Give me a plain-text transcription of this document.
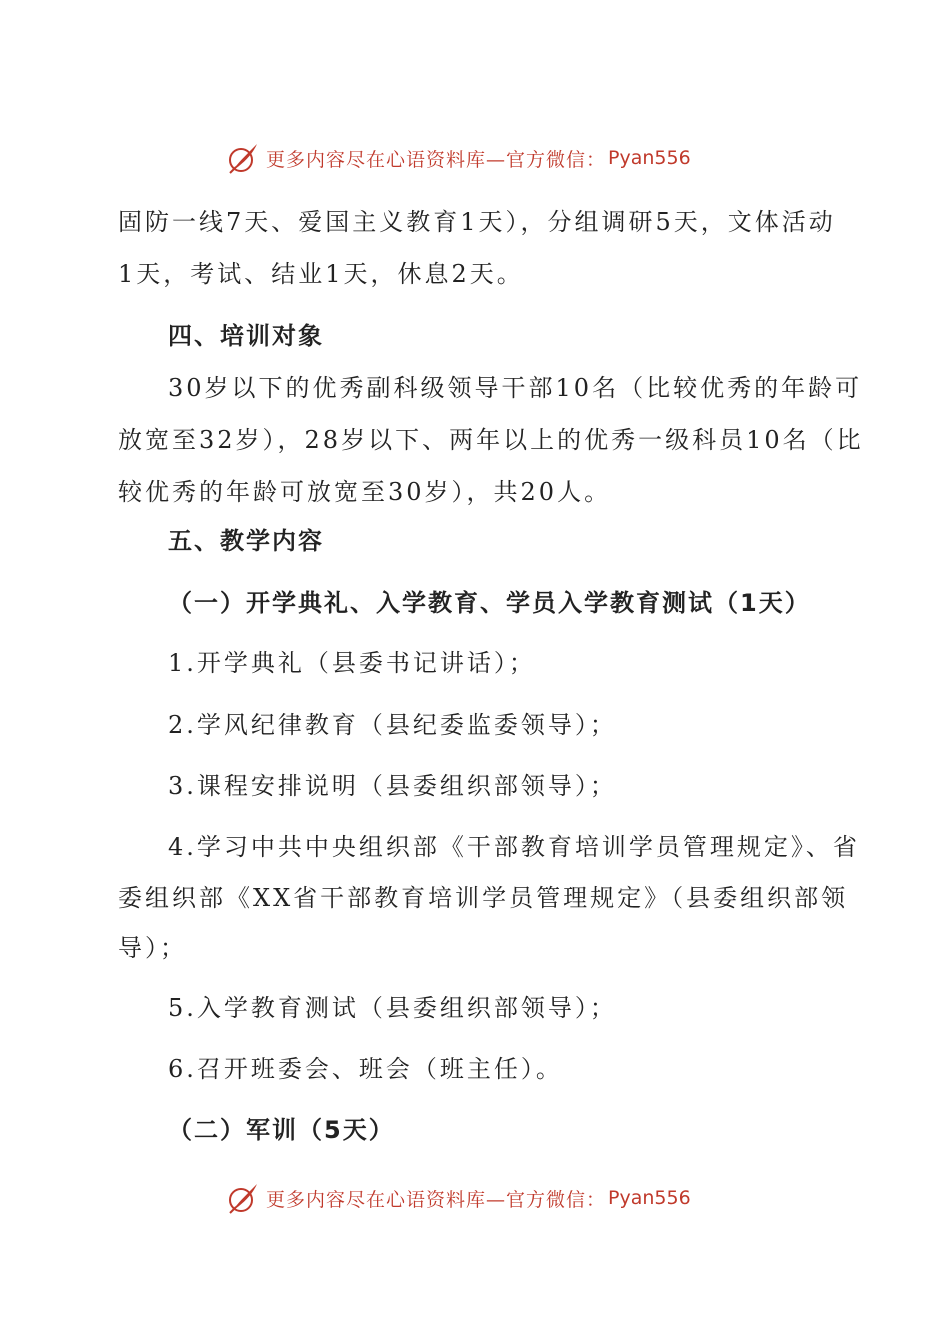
更多内容尽在心语资料库—官方微信： Pyan556
固防一线7天、爱国主义教育1天），分组调研5天，文体活动
1天，考试、结业1天，休息2天。
四、培训对象
30岁以下的优秀副科级领导干部10名（比较优秀的年龄可
放宽至32岁），28岁以下、两年以上的优秀一级科员10名（比
较优秀的年龄可放宽至30岁），共20人。
五、教学内容
（一）开学典礼、入学教育、学员入学教育测试（1天）
1.开学典礼（县委书记讲话）；
2.学风纪律教育（县纪委监委领导）；
3.课程安排说明（县委组织部领导）；
4.学习中共中央组织部《干部教育培训学员管理规定》、省
委组织部《XX省干部教育培训学员管理规定》（县委组织部领
导）；
5.入学教育测试（县委组织部领导）；
6.召开班委会、班会（班主任）。
（二）军训（5天）
更多内容尽在心语资料库—官方微信： Pyan556
